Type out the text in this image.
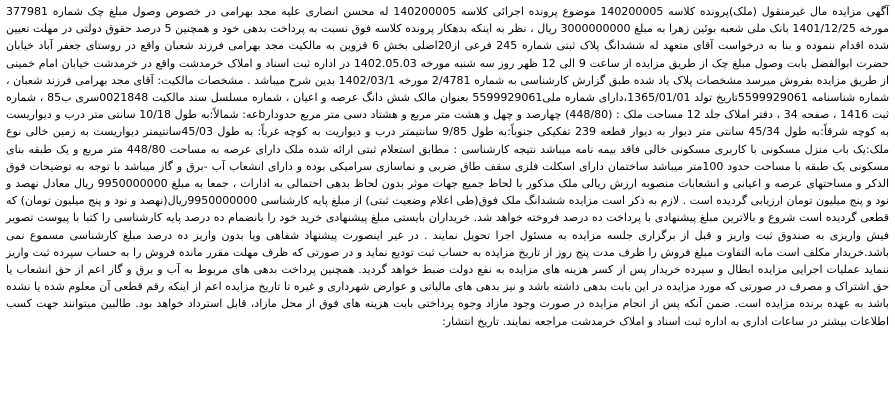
آگهی مزایده مال غیرمنقول (ملک)پرونده کلاسه 140200005 موضوع پرونده اجرائی کلاسه 140200005 له محسن انصاری علیه مجد بهرامی در خصوص وصول مبلغ چک شماره 377981 مورخه 1401/12/25 بانک ملی شعبه بوئین زهرا به مبلغ 3000000000 ریال ، نظر به اینکه بدهکار پرونده کلاسه فوق نسبت به پرداخت بدهی خود و همچنین 5 درصد حقوق دولتی در مهلت تعیین شده اقدام ننموده و بنا به درخواست آقای متعهد له ششدانگ پلاک ثبتی شماره 245 فرعی از20اصلی بخش 6 قزوین به مالکیت مجد بهرامی فرزند شعبان واقع در روستای جعفر آباد خیابان حضرت ابوالفضل بابت وصول مبلغ چک از طریق مزایده از ساعت 9 الی 12 ظهر روز سه شنبه مورخه 1402.05.03 در اداره ثبت اسناد و املاک خرمدشت واقع در خرمدشت خیابان امام خمینی از طریق مزایده بفروش میرسد مشخصات پلاک یاد شده طبق گزارش کارشناسی به شماره 2/4781 مورخه 1402/03/1 بدین شرح میباشد . مشخصات مالکیت: آقای مجد بهرامی فرزند شعبان ، شماره شناسنامه 5599929061تاریخ تولد 1365/01/01،دارای شماره ملی5599929061 بعنوان مالک شش دانگ عرصه و اعیان ، شماره مسلسل سند مالکیت 0021848سری ب85 ، شماره ثبت 1416 ، صفحه 34 ، دفتر املاک جلد 12 مساحت ملک : (448/80) چهارصد و چهل و هشت متر مربع و هشتاد دسی متر مربع حدودارbعه: شمالاً:به طول 10/18 سانتی متر درب و دیواریست به کوچه شرقاً:به طول 45/34 سانتی متر دیوار به دیوار قطعه 239 تفکیکی جنوباً:به طول 9/85 سانتیمتر درب و دیواریت به کوچه غرباً: به طول 45/03سانتیمتر دیواریست به زمین خالی نوع ملک:یک باب منزل مسکونی با کاربری مسکونی خالی فاقد بیمه نامه میباشد نتیجه کارشناسی : مطابق استعلام ثبتی ارائه شده ملک دارای عرصه به مساحت 448/80 متر مربع و یک طبقه بنای مسکونی یک طبقه با مساحت حدود 100متر میباشد ساختمان دارای اسکلت فلزی سقف طاق ضربی و نماسازی سرامیکی بوده و دارای انشعاب آب -برق و گاز میباشد با توجه به توضیحات فوق الذکر و مساحتهای عرصه و اعیانی و انشعابات منصوبه ارزش ریالی ملک مذکور با لحاظ جمیع جهات موثر بدون لحاظ بدهی احتمالی به ادارات ، جمعا به مبلغ 9950000000 ریال معادل نهصد و نود و پنج میلیون تومان ارزیابی گردیده است . لازم به ذکر است مزایده ششدانگ ملک فوق(طی اعلام وضعیت ثبتی) از مبلغ پایه کارشناسی 9950000000ریال(نهصد و نود و پنج میلیون تومان) که قطعی گردیده است شروع و بالاترین مبلغ پیشنهادی با پرداخت ده درصد فروخته خواهد شد. خریداران بایستی مبلغ پیشنهادی خرید خود را بانضمام ده درصد پایه کارشناسی را کتبا با پیوست تصویر فیش واریزی به صندوق ثبت واریز و قبل از برگزاری جلسه مزایده به مسئول اجرا تحویل نمایند . در غیر اینصورت پیشنهاد شفاهی ویا بدون واریز ده درصد مبلغ کارشناسی مسموع نمی باشد.خریدار مکلف است مابه التفاوت مبلغ فروش را ظرف مدت پنج روز از تاریخ مزایده به حساب ثبت تودیع نماید و در صورتی که ظرف مهلت مقرر مانده فروش را به حساب سپرده ثبت واریز ننماید عملیات اجرایی مزایده ابطال و سپرده خریدار پس از کسر هزینه های مزایده به نفع دولت ضبط خواهد گردید. همچنین پرداخت بدهی های مربوط به آب و برق و گاز اعم از حق انشعاب یا حق اشتراک و مصرف در صورتی که مورد مزایده در این بابت بدهی داشته باشد و نیز بدهی های مالیاتی و عوارض شهرداری و غیره تا تاریخ مزایده اعم از اینکه رقم قطعی آن معلوم شده یا نشده باشد به عهده برنده مزایده است. ضمن آنکه پس از انجام مزایده در صورت وجود مازاد وجوه پرداختی بابت هزینه های فوق از محل مازاد، قابل استرداد خواهد بود. طالبین میتوانند جهت کسب اطلاعات بیشتر در ساعات اداری به اداره ثبت اسناد و املاک خرمدشت مراجعه نمایند. تاریخ انتشار:
